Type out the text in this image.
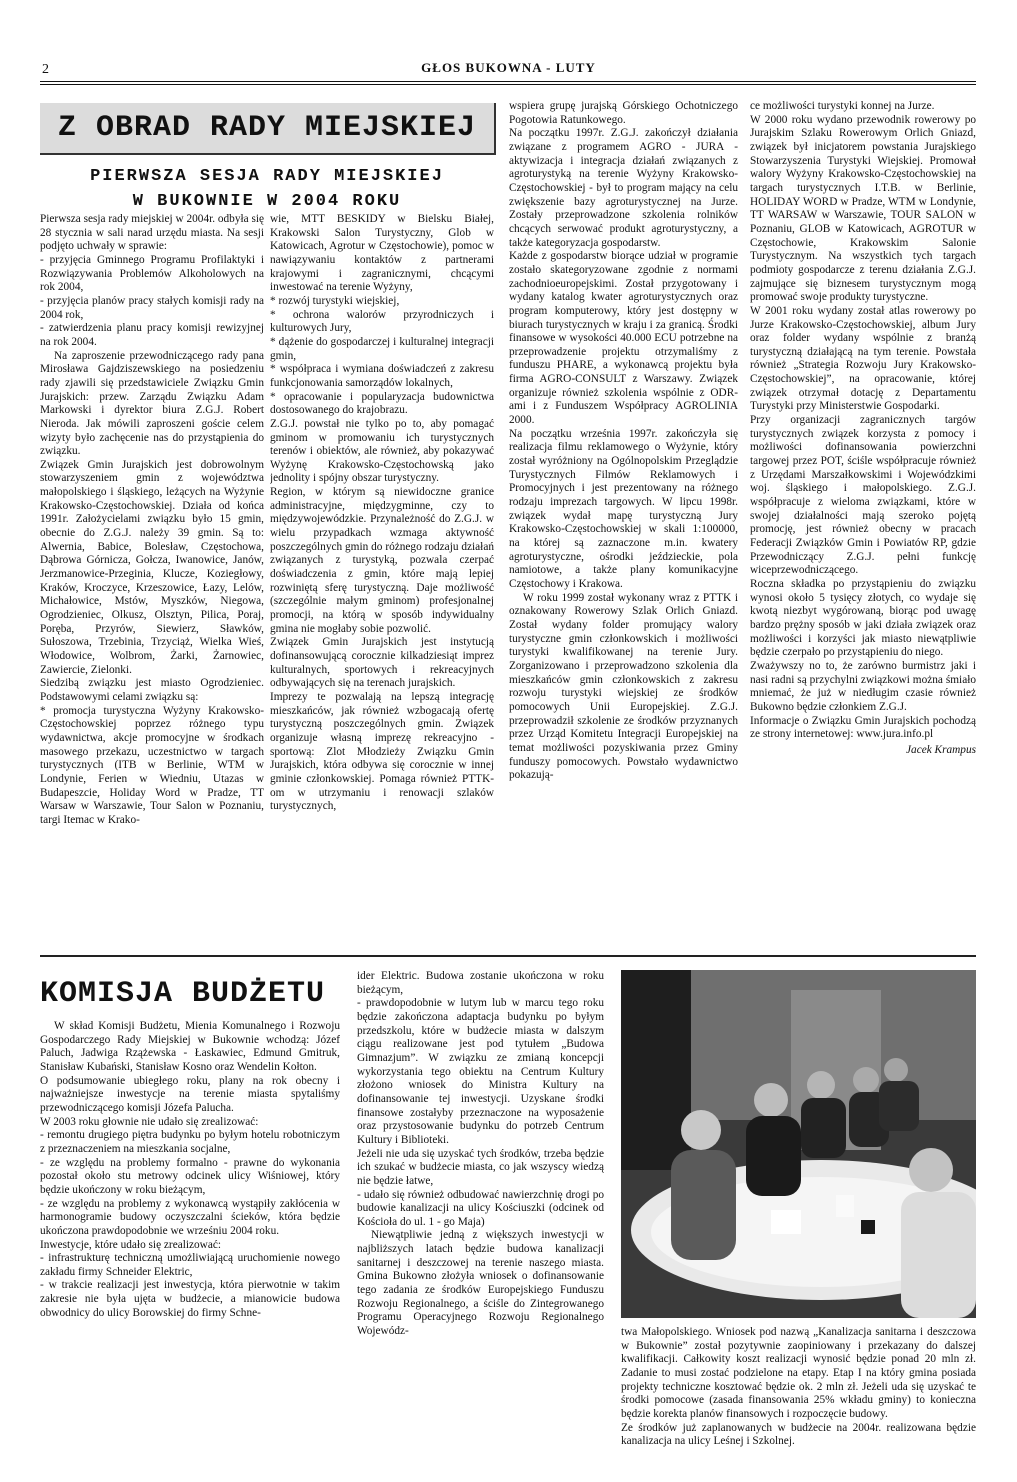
2	GŁOS BUKOWNA - LUTY
Z OBRAD RADY MIEJSKIEJ
PIERWSZA SESJA RADY MIEJSKIEJ
W BUKOWNIE W 2004 ROKU

Pierwsza sesja rady miejskiej w 2004r. odbyła się 28 stycznia w sali narad urzędu miasta. Na sesji podjęto uchwały w sprawie:

- przyjęcia Gminnego Programu Profilaktyki i Rozwiązywania Problemów Alkoholowych na rok 2004,

- przyjęcia planów pracy stałych komisji rady na 2004 rok,

- zatwierdzenia planu pracy komisji rewizyjnej na rok 2004.

Na zaproszenie przewodniczącego rady pana Mirosława Gajdziszewskiego na posiedzeniu rady zjawili się przedstawiciele Związku Gmin Jurajskich: przew. Zarządu Związku Adam Markowski i dyrektor biura Z.G.J. Robert Nieroda. Jak mówili zaproszeni goście celem wizyty było zachęcenie nas do przystąpienia do związku.

Związek Gmin Jurajskich jest dobrowolnym stowarzyszeniem gmin z województwa małopolskiego i śląskiego, leżących na Wyżynie Krakowsko-Częstochowskiej. Działa od końca 1991r. Założycielami związku było 15 gmin, obecnie do Z.G.J. należy 39 gmin. Są to: Alwernia, Babice, Bolesław, Częstochowa, Dąbrowa Górnicza, Gołcza, Iwanowice, Janów, Jerzmanowice-Przeginia, Klucze, Koziegłowy, Kraków, Kroczyce, Krzeszowice, Łazy, Lelów, Michałowice, Mstów, Myszków, Niegowa, Ogrodzieniec, Olkusz, Olsztyn, Pilica, Poraj, Poręba, Przyrów, Siewierz, Sławków, Sułoszowa, Trzebinia, Trzyciąż, Wielka Wieś, Włodowice, Wolbrom, Żarki, Żarnowiec, Zawiercie, Zielonki.

Siedzibą związku jest miasto Ogrodzieniec. Podstawowymi celami związku są:

* promocja turystyczna Wyżyny Krakowsko-Częstochowskiej poprzez różnego typu wydawnictwa, akcje promocyjne w środkach masowego przekazu, uczestnictwo w targach turystycznych (ITB w Berlinie, WTM w Londynie, Ferien w Wiedniu, Utazas w Budapeszcie, Holiday Word w Pradze, TT Warsaw w Warszawie, Tour Salon w Poznaniu, targi Itemac w Krako-

wie, MTT BESKIDY w Bielsku Białej, Krakowski Salon Turystyczny, Glob w Katowicach, Agrotur w Częstochowie), pomoc w nawiązywaniu kontaktów z partnerami krajowymi i zagranicznymi, chcącymi inwestować na terenie Wyżyny,

* rozwój turystyki wiejskiej,

* ochrona walorów przyrodniczych i kulturowych Jury,

* dążenie do gospodarczej i kulturalnej integracji gmin,

* współpraca i wymiana doświadczeń z zakresu funkcjonowania samorządów lokalnych,

* opracowanie i popularyzacja budownictwa dostosowanego do krajobrazu.

Z.G.J. powstał nie tylko po to, aby pomagać gminom w promowaniu ich turystycznych terenów i obiektów, ale również, aby pokazywać Wyżynę Krakowsko-Częstochowską jako jednolity i spójny obszar turystyczny.

Region, w którym są niewidoczne granice administracyjne, międzygminne, czy to międzywojewódzkie. Przynależność do Z.G.J. w wielu przypadkach wzmaga aktywność poszczególnych gmin do różnego rodzaju działań związanych z turystyką, pozwala czerpać doświadczenia z gmin, które mają lepiej rozwiniętą sferę turystyczną. Daje możliwość (szczególnie małym gminom) profesjonalnej promocji, na którą w sposób indywidualny gmina nie mogłaby sobie pozwolić.

Związek Gmin Jurajskich jest instytucją dofinansowującą corocznie kilkadziesiąt imprez kulturalnych, sportowych i rekreacyjnych odbywających się na terenach jurajskich.

Imprezy te pozwalają na lepszą integrację mieszkańców, jak również wzbogacają ofertę turystyczną poszczególnych gmin. Związek organizuje własną imprezę rekreacyjno - sportową: Zlot Młodzieży Związku Gmin Jurajskich, która odbywa się corocznie w innej gminie członkowskiej. Pomaga również PTTK-om w utrzymaniu i renowacji szlaków turystycznych,

wspiera grupę jurajską Górskiego Ochotniczego Pogotowia Ratunkowego.

Na początku 1997r. Z.G.J. zakończył działania związane z programem AGRO - JURA - aktywizacja i integracja działań związanych z agroturystyką na terenie Wyżyny Krakowsko-Częstochowskiej - był to program mający na celu zwiększenie bazy agroturystycznej na Jurze. Zostały przeprowadzone szkolenia rolników chcących serwować produkt agroturystyczny, a także kategoryzacja gospodarstw.

Każde z gospodarstw biorące udział w programie zostało skategoryzowane zgodnie z normami zachodnioeuropejskimi. Został przygotowany i wydany katalog kwater agroturystycznych oraz program komputerowy, który jest dostępny w biurach turystycznych w kraju i za granicą. Środki finansowe w wysokości 40.000 ECU potrzebne na przeprowadzenie projektu otrzymaliśmy z funduszu PHARE, a wykonawcą projektu była firma AGRO-CONSULT z Warszawy. Związek organizuje również szkolenia wspólnie z ODR-ami i z Funduszem Współpracy AGROLINIA 2000.

Na początku września 1997r. zakończyła się realizacja filmu reklamowego o Wyżynie, który został wyróżniony na Ogólnopolskim Przeglądzie Turystycznych Filmów Reklamowych i Promocyjnych i jest prezentowany na różnego rodzaju imprezach targowych. W lipcu 1998r. związek wydał mapę turystyczną Jury Krakowsko-Częstochowskiej w skali 1:100000, na której są zaznaczone m.in. kwatery agroturystyczne, ośrodki jeździeckie, pola namiotowe, a także plany komunikacyjne Częstochowy i Krakowa.

W roku 1999 został wykonany wraz z PTTK i oznakowany Rowerowy Szlak Orlich Gniazd. Został wydany folder promujący walory turystyczne gmin członkowskich i możliwości turystyki kwalifikowanej na terenie Jury. Zorganizowano i przeprowadzono szkolenia dla mieszkańców gmin członkowskich z zakresu rozwoju turystyki wiejskiej ze środków pomocowych Unii Europejskiej. Z.G.J. przeprowadził szkolenie ze środków przyznanych przez Urząd Komitetu Integracji Europejskiej na temat możliwości pozyskiwania przez Gminy funduszy pomocowych. Powstało wydawnictwo pokazują-

ce możliwości turystyki konnej na Jurze.

W 2000 roku wydano przewodnik rowerowy po Jurajskim Szlaku Rowerowym Orlich Gniazd, związek był inicjatorem powstania Jurajskiego Stowarzyszenia Turystyki Wiejskiej. Promował walory Wyżyny Krakowsko-Częstochowskiej na targach turystycznych I.T.B. w Berlinie, HOLIDAY WORD w Pradze, WTM w Londynie, TT WARSAW w Warszawie, TOUR SALON w Poznaniu, GLOB w Katowicach, AGROTUR w Częstochowie, Krakowskim Salonie Turystycznym. Na wszystkich tych targach podmioty gospodarcze z terenu działania Z.G.J. zajmujące się biznesem turystycznym mogą promować swoje produkty turystyczne.

W 2001 roku wydany został atlas rowerowy po Jurze Krakowsko-Częstochowskiej, album Jury oraz folder wydany wspólnie z branżą turystyczną działającą na tym terenie. Powstała również „Strategia Rozwoju Jury Krakowsko-Częstochowskiej”, na opracowanie, której związek otrzymał dotację z Departamentu Turystyki przy Ministerstwie Gospodarki.

Przy organizacji zagranicznych targów turystycznych związek korzysta z pomocy i możliwości dofinansowania powierzchni targowej przez POT, ściśle współpracuje również z Urzędami Marszałkowskimi i Wojewódzkimi woj. śląskiego i małopolskiego. Z.G.J. współpracuje z wieloma związkami, które w swojej działalności mają szeroko pojętą promocję, jest również obecny w pracach Federacji Związków Gmin i Powiatów RP, gdzie Przewodniczący Z.G.J. pełni funkcję wiceprzewodniczącego.

Roczna składka po przystąpieniu do związku wynosi około 5 tysięcy złotych, co wydaje się kwotą niezbyt wygórowaną, biorąc pod uwagę bardzo prężny sposób w jaki działa związek oraz możliwości i korzyści jak miasto niewątpliwie będzie czerpało po przystąpieniu do niego.

Zważywszy no to, że zarówno burmistrz jaki i nasi radni są przychylni związkowi można śmiało mniemać, że już w niedługim czasie również Bukowno będzie członkiem Z.G.J.

Informacje o Związku Gmin Jurajskich pochodzą ze strony internetowej: www.jura.info.pl

Jacek Krampus
KOMISJA BUDŻETU

W skład Komisji Budżetu, Mienia Komunalnego i Rozwoju Gospodarczego Rady Miejskiej w Bukownie wchodzą: Józef Paluch, Jadwiga Rzążewska - Łaskawiec, Edmund Gmitruk, Stanisław Kubański, Stanisław Kosno oraz Wendelin Kołton.

O podsumowanie ubiegłego roku, plany na rok obecny i najważniejsze inwestycje na terenie miasta spytaliśmy przewodniczącego komisji Józefa Palucha.

W 2003 roku głownie nie udało się zrealizować:

- remontu drugiego piętra budynku po byłym hotelu robotniczym z przeznaczeniem na mieszkania socjalne,

- ze względu na problemy formalno - prawne do wykonania pozostał około stu metrowy odcinek ulicy Wiśniowej, który będzie ukończony w roku bieżącym,

- ze względu na problemy z wykonawcą wystąpiły zakłócenia w harmonogramie budowy oczyszczalni ścieków, która będzie ukończona prawdopodobnie we wrześniu 2004 roku.

Inwestycje, które udało się zrealizować:

- infrastrukturę techniczną umożliwiającą uruchomienie nowego zakładu firmy Schneider Elektric,

- w trakcie realizacji jest inwestycja, która pierwotnie w takim zakresie nie była ujęta w budżecie, a mianowicie budowa obwodnicy do ulicy Borowskiej do firmy Schne-

ider Elektric. Budowa zostanie ukończona w roku bieżącym,

- prawdopodobnie w lutym lub w marcu tego roku będzie zakończona adaptacja budynku po byłym przedszkolu, które w budżecie miasta w dalszym ciągu realizowane jest pod tytułem „Budowa Gimnazjum”. W związku ze zmianą koncepcji wykorzystania tego obiektu na Centrum Kultury złożono wniosek do Ministra Kultury na dofinansowanie tej inwestycji. Uzyskane środki finansowe zostałyby przeznaczone na wyposażenie oraz przystosowanie budynku do potrzeb Centrum Kultury i Biblioteki.

Jeżeli nie uda się uzyskać tych środków, trzeba będzie ich szukać w budżecie miasta, co jak wszyscy wiedzą nie będzie łatwe,

- udało się również odbudować nawierzchnię drogi po budowie kanalizacji na ulicy Kościuszki (odcinek od Kościoła do ul. 1 - go Maja)

Niewątpliwie jedną z większych inwestycji w najbliższych latach będzie budowa kanalizacji sanitarnej i deszczowej na terenie naszego miasta. Gmina Bukowno złożyła wniosek o dofinansowanie tego zadania ze środków Europejskiego Funduszu Rozwoju Regionalnego, a ściśle do Zintegrowanego Programu Operacyjnego Rozwoju Regionalnego Wojewódz-	twa Małopolskiego. Wniosek pod nazwą „Kanalizacja sanitarna i deszczowa w Bukownie” został pozytywnie zaopiniowany i przekazany do dalszej kwalifikacji. Całkowity koszt realizacji wynosić będzie ponad 20 mln zł. Zadanie to musi zostać podzielone na etapy. Etap I na który gmina posiada projekty techniczne kosztować będzie ok. 2 mln zł. Jeżeli uda się uzyskać te środki pomocowe (zasada finansowania 25% wkładu gminy) to konieczna będzie korekta planów finansowych i rozpoczęcie budowy.

Ze środków już zaplanowanych w budżecie na 2004r. realizowana będzie kanalizacja na ulicy Leśnej i Szkolnej.
